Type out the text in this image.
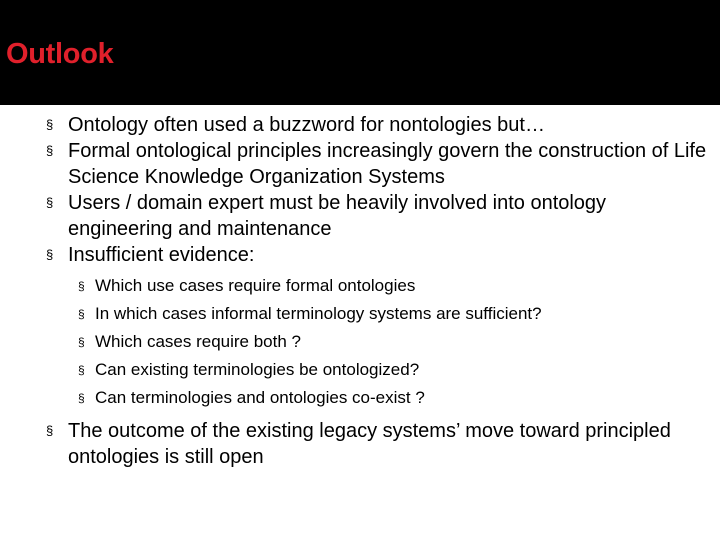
Outlook
§ Ontology often used a buzzword for nontologies but…
§ Formal ontological principles increasingly govern the construction of Life Science Knowledge Organization Systems
§ Users / domain expert must be heavily involved into ontology engineering and maintenance
§ Insufficient evidence:
§ Which use cases require formal ontologies
§ In which cases informal terminology systems are sufficient?
§ Which cases require both ?
§ Can existing terminologies be ontologized?
§ Can terminologies and ontologies co-exist ?
§ The outcome of the existing legacy systems’ move toward principled ontologies is still open
